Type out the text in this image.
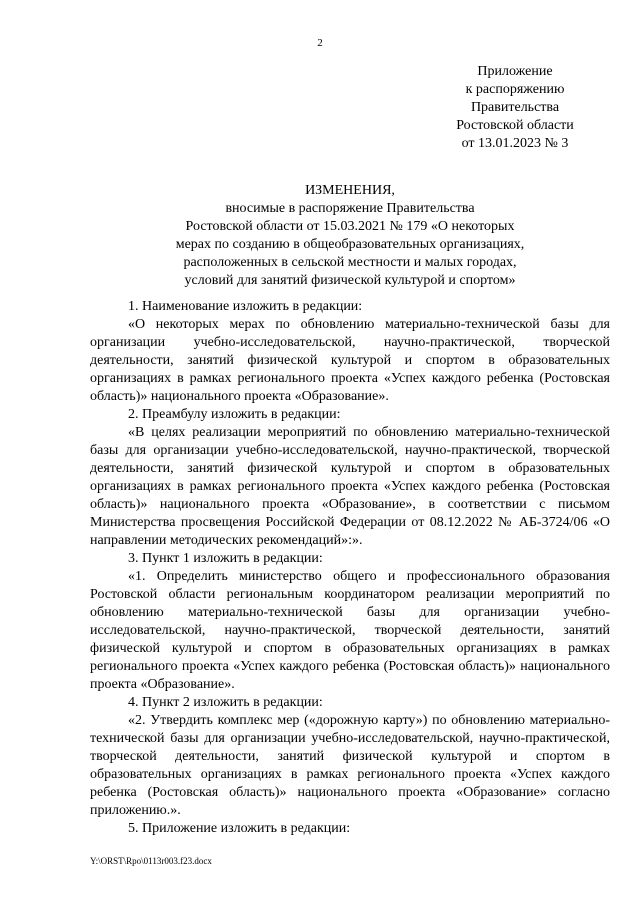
2
Приложение
к распоряжению
Правительства
Ростовской области
от 13.01.2023 № 3
ИЗМЕНЕНИЯ,
вносимые в распоряжение Правительства
Ростовской области от 15.03.2021 № 179 «О некоторых
мерах по созданию в общеобразовательных организациях,
расположенных в сельской местности и малых городах,
условий для занятий физической культурой и спортом»

1. Наименование изложить в редакции:

«О некоторых мерах по обновлению материально-технической базы для организации учебно-исследовательской, научно-практической, творческой деятельности, занятий физической культурой и спортом в образовательных организациях в рамках регионального проекта «Успех каждого ребенка (Ростовская область)» национального проекта «Образование».

2. Преамбулу изложить в редакции:

«В целях реализации мероприятий по обновлению материально-технической базы для организации учебно-исследовательской, научно-практической, творческой деятельности, занятий физической культурой и спортом в образовательных организациях в рамках регионального проекта «Успех каждого ребенка (Ростовская область)» национального проекта «Образование», в соответствии с письмом Министерства просвещения Российской Федерации от 08.12.2022 № АБ-3724/06 «О направлении методических рекомендаций»:».

3. Пункт 1 изложить в редакции:

«1. Определить министерство общего и профессионального образования Ростовской области региональным координатором реализации мероприятий по обновлению материально-технической базы для организации учебно-исследовательской, научно-практической, творческой деятельности, занятий физической культурой и спортом в образовательных организациях в рамках регионального проекта «Успех каждого ребенка (Ростовская область)» национального проекта «Образование».

4. Пункт 2 изложить в редакции:

«2. Утвердить комплекс мер («дорожную карту») по обновлению материально-технической базы для организации учебно-исследовательской, научно-практической, творческой деятельности, занятий физической культурой и спортом в образовательных организациях в рамках регионального проекта «Успех каждого ребенка (Ростовская область)» национального проекта «Образование» согласно приложению.».

5. Приложение изложить в редакции:

Y:\ORST\Rpo\0113r003.f23.docx
